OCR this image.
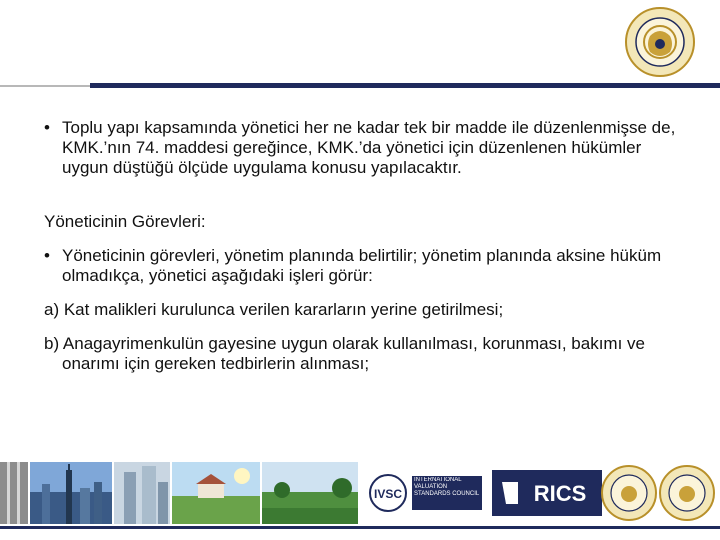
• Toplu yapı kapsamında yönetici her ne kadar tek bir madde ile düzenlenmişse de, KMK.’nın 74. maddesi gereğince, KMK.’da yönetici için düzenlenen hükümler uygun düştüğü ölçüde uygulama konusu yapılacaktır.
Yöneticinin Görevleri:
• Yöneticinin görevleri, yönetim planında belirtilir; yönetim planında aksine hüküm olmadıkça, yönetici aşağıdaki işleri görür:
a) Kat malikleri kurulunca verilen kararların yerine getirilmesi;
b) Anagayrimenkulün gayesine uygun olarak kullanılması, korunması, bakımı ve onarımı için gereken tedbirlerin alınması;
IVSC
INTERNATIONAL VALUATION STANDARDS COUNCIL RICS
